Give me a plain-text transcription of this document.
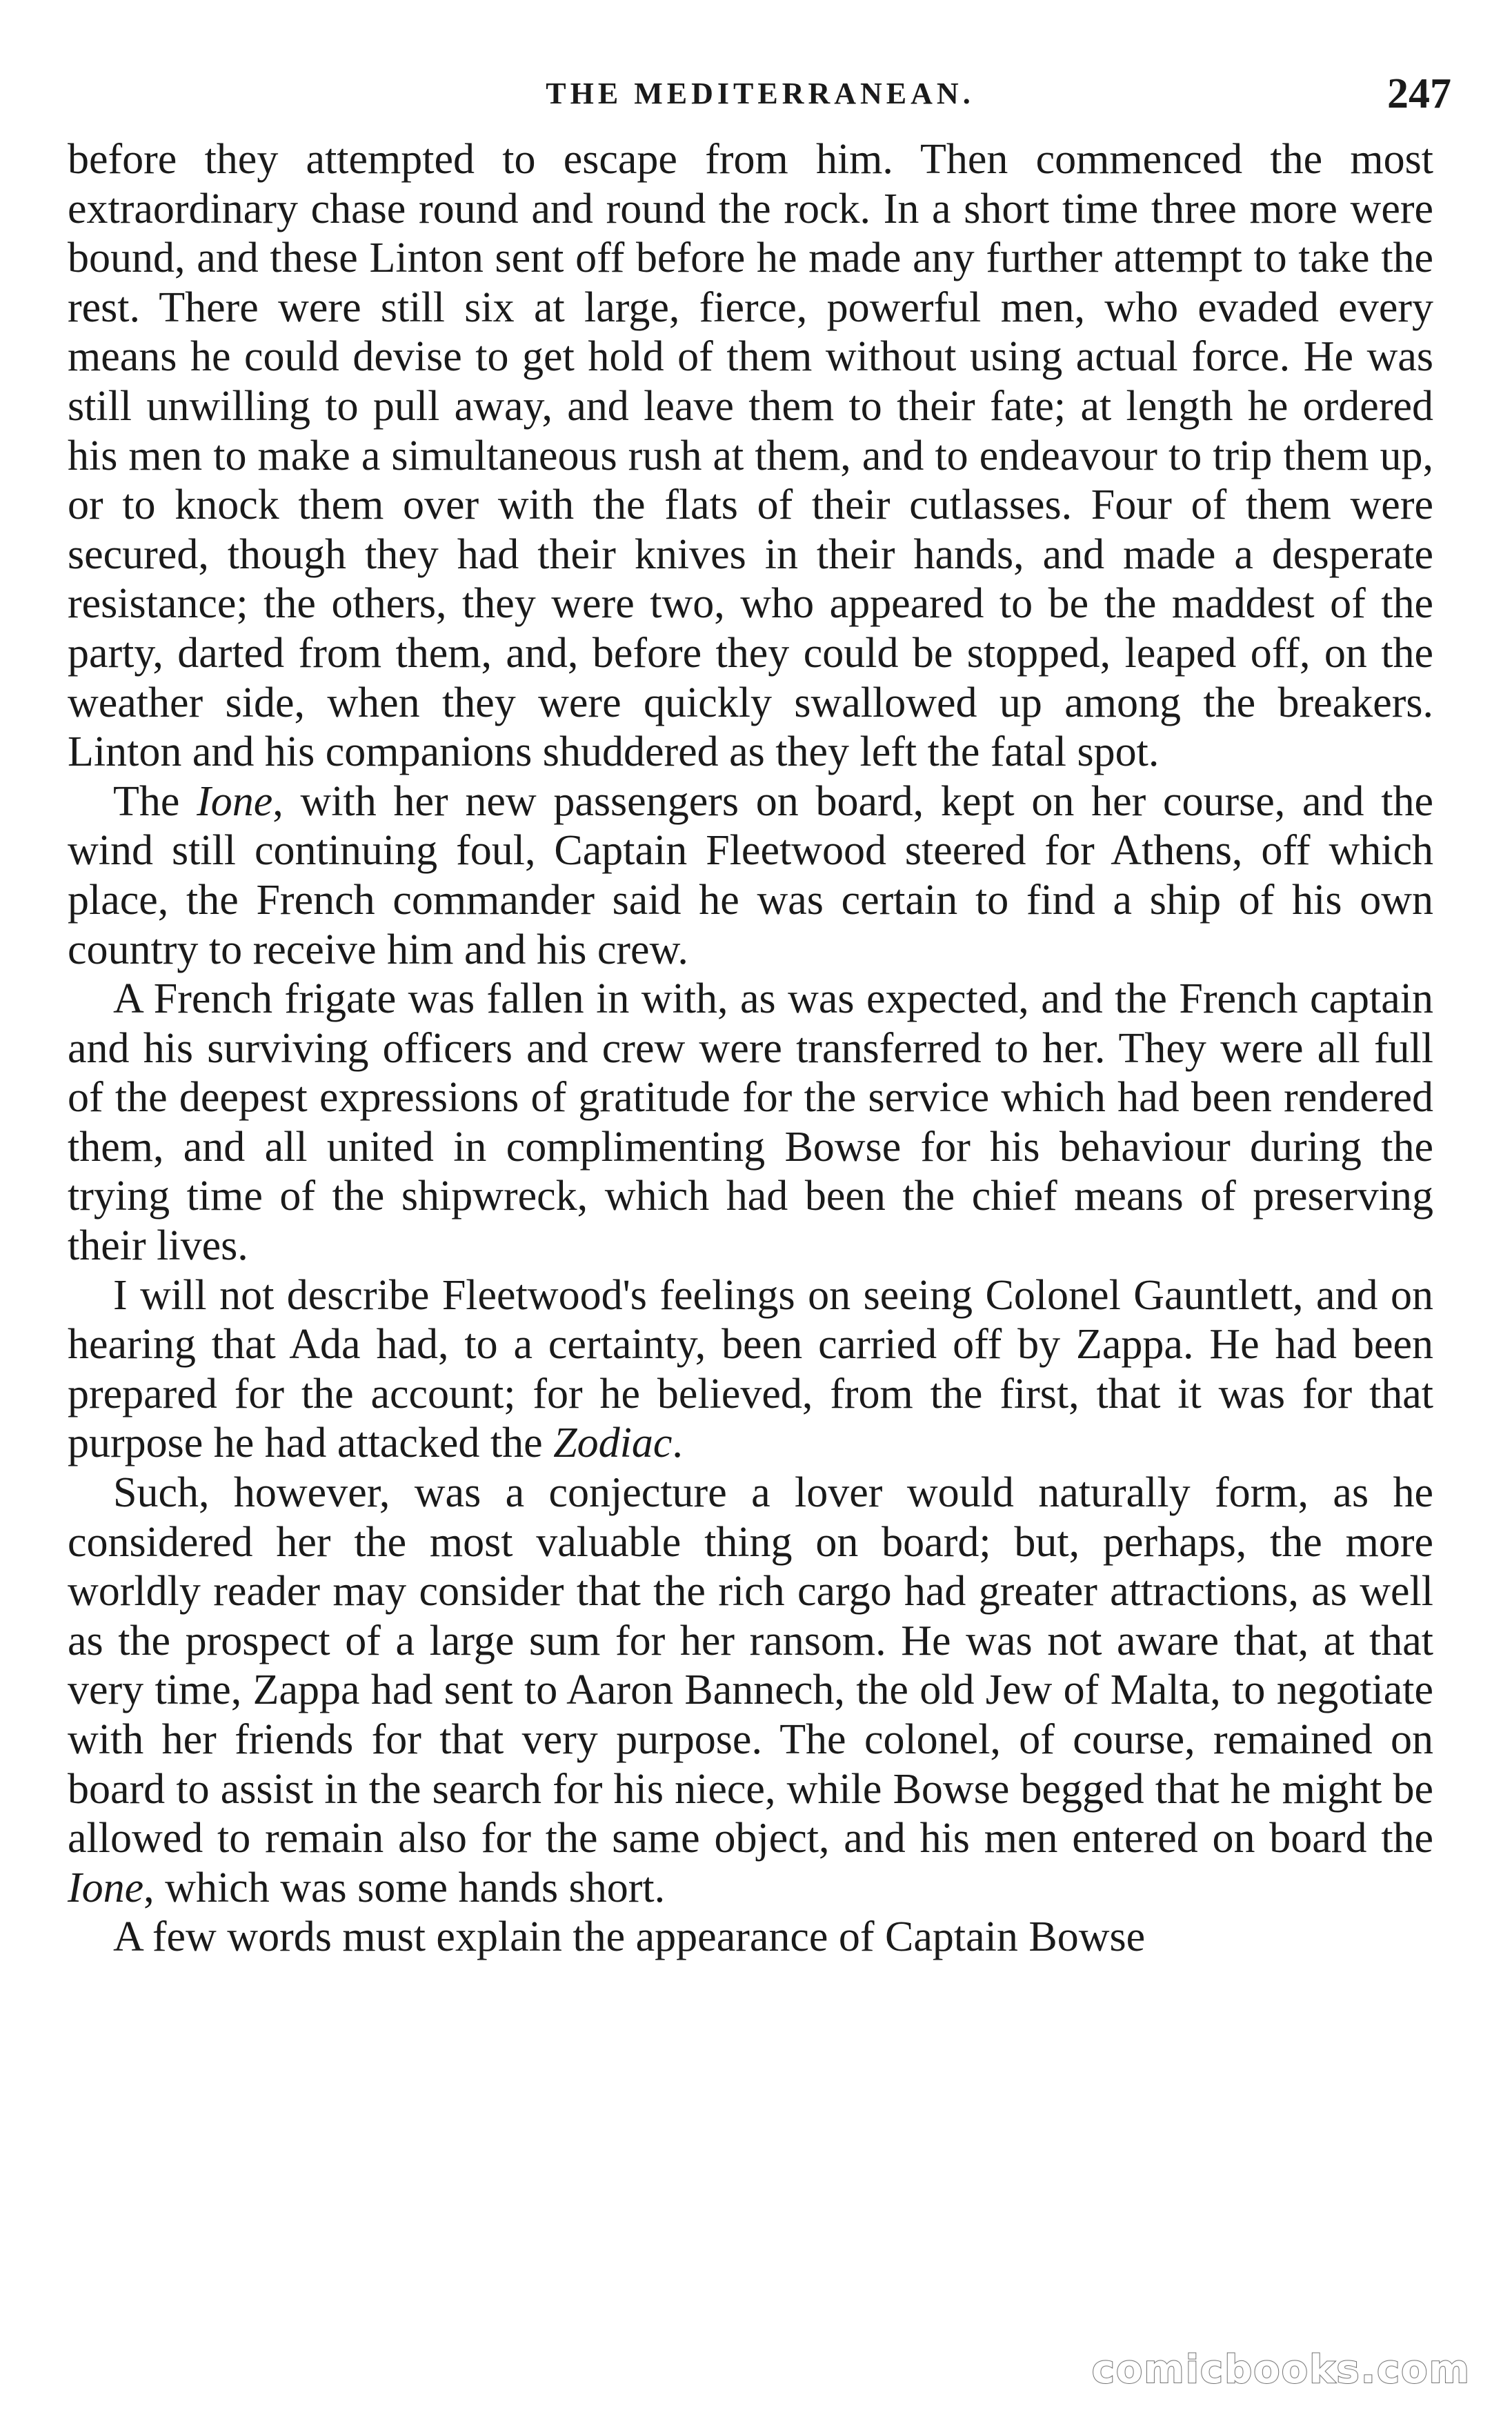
THE MEDITERRANEAN.	247

before they attempted to escape from him. Then commenced the most extraordinary chase round and round the rock. In a short time three more were bound, and these Linton sent off before he made any further attempt to take the rest. There were still six at large, fierce, powerful men, who evaded every means he could devise to get hold of them without using actual force. He was still unwilling to pull away, and leave them to their fate; at length he ordered his men to make a simultaneous rush at them, and to endeavour to trip them up, or to knock them over with the flats of their cutlasses. Four of them were secured, though they had their knives in their hands, and made a desperate resistance; the others, they were two, who appeared to be the maddest of the party, darted from them, and, before they could be stopped, leaped off, on the weather side, when they were quickly swallowed up among the breakers. Linton and his companions shuddered as they left the fatal spot.

The Ione, with her new passengers on board, kept on her course, and the wind still continuing foul, Captain Fleetwood steered for Athens, off which place, the French commander said he was certain to find a ship of his own country to receive him and his crew.

A French frigate was fallen in with, as was expected, and the French captain and his surviving officers and crew were transferred to her. They were all full of the deepest expressions of gratitude for the service which had been rendered them, and all united in complimenting Bowse for his behaviour during the trying time of the shipwreck, which had been the chief means of preserving their lives.

I will not describe Fleetwood's feelings on seeing Colonel Gauntlett, and on hearing that Ada had, to a certainty, been carried off by Zappa. He had been prepared for the account; for he believed, from the first, that it was for that purpose he had attacked the Zodiac.

Such, however, was a conjecture a lover would naturally form, as he considered her the most valuable thing on board; but, perhaps, the more worldly reader may consider that the rich cargo had greater attractions, as well as the prospect of a large sum for her ransom. He was not aware that, at that very time, Zappa had sent to Aaron Bannech, the old Jew of Malta, to negotiate with her friends for that very purpose. The colonel, of course, remained on board to assist in the search for his niece, while Bowse begged that he might be allowed to remain also for the same object, and his men entered on board the Ione, which was some hands short.

A few words must explain the appearance of Captain Bowse

comicbooks.com
